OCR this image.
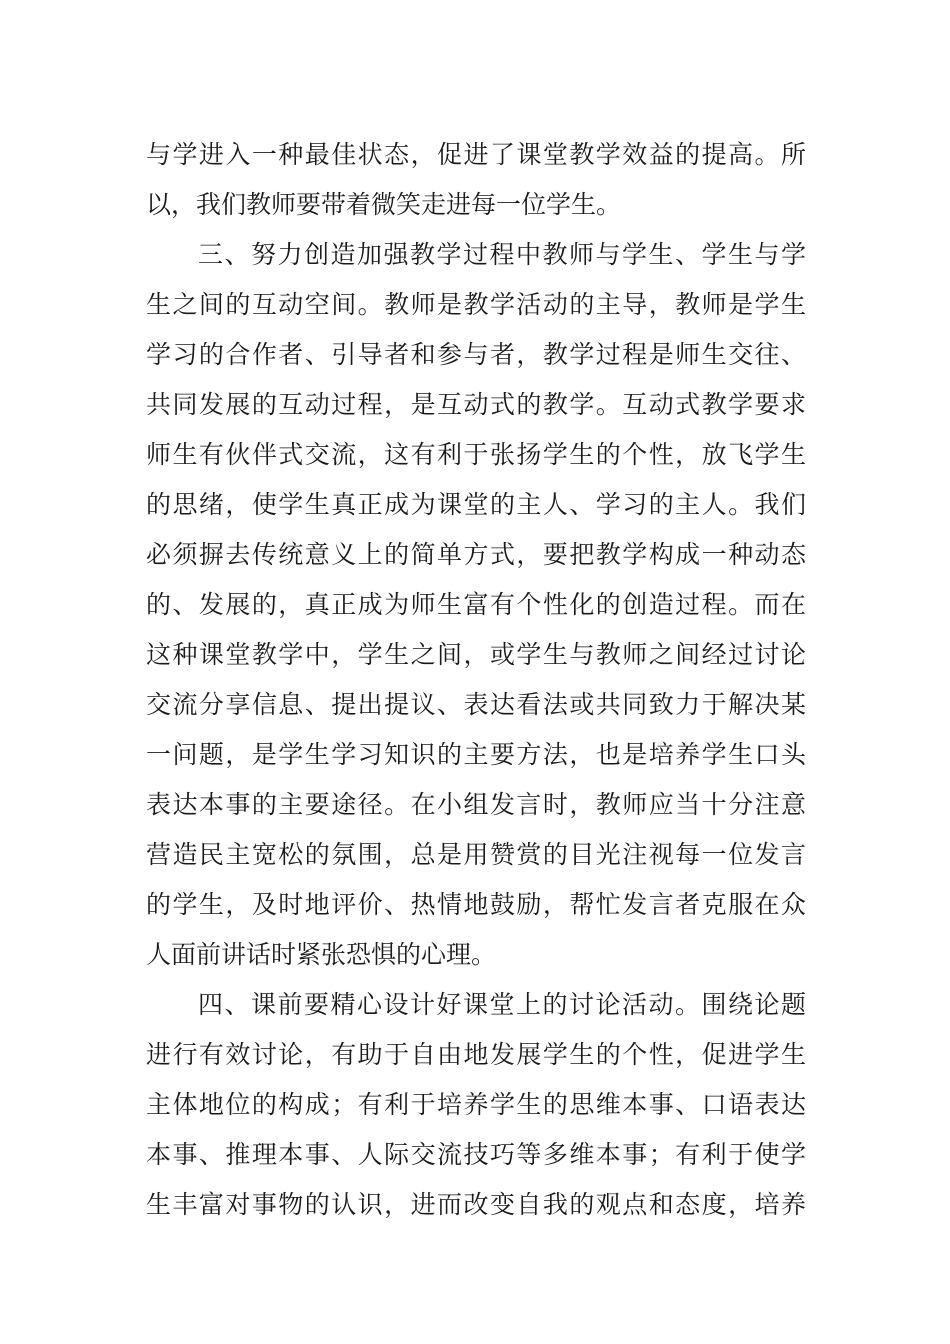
与学进入一种最佳状态，促进了课堂教学效益的提高。所
以，我们教师要带着微笑走进每一位学生。
三、努力创造加强教学过程中教师与学生、学生与学
生之间的互动空间。教师是教学活动的主导，教师是学生
学习的合作者、引导者和参与者，教学过程是师生交往、
共同发展的互动过程，是互动式的教学。互动式教学要求
师生有伙伴式交流，这有利于张扬学生的个性，放飞学生
的思绪，使学生真正成为课堂的主人、学习的主人。我们
必须摒去传统意义上的简单方式，要把教学构成一种动态
的、发展的，真正成为师生富有个性化的创造过程。而在
这种课堂教学中，学生之间，或学生与教师之间经过讨论
交流分享信息、提出提议、表达看法或共同致力于解决某
一问题，是学生学习知识的主要方法，也是培养学生口头
表达本事的主要途径。在小组发言时，教师应当十分注意
营造民主宽松的氛围，总是用赞赏的目光注视每一位发言
的学生，及时地评价、热情地鼓励，帮忙发言者克服在众
人面前讲话时紧张恐惧的心理。
四、课前要精心设计好课堂上的讨论活动。围绕论题
进行有效讨论，有助于自由地发展学生的个性，促进学生
主体地位的构成；有利于培养学生的思维本事、口语表达
本事、推理本事、人际交流技巧等多维本事；有利于使学
生丰富对事物的认识，进而改变自我的观点和态度，培养
